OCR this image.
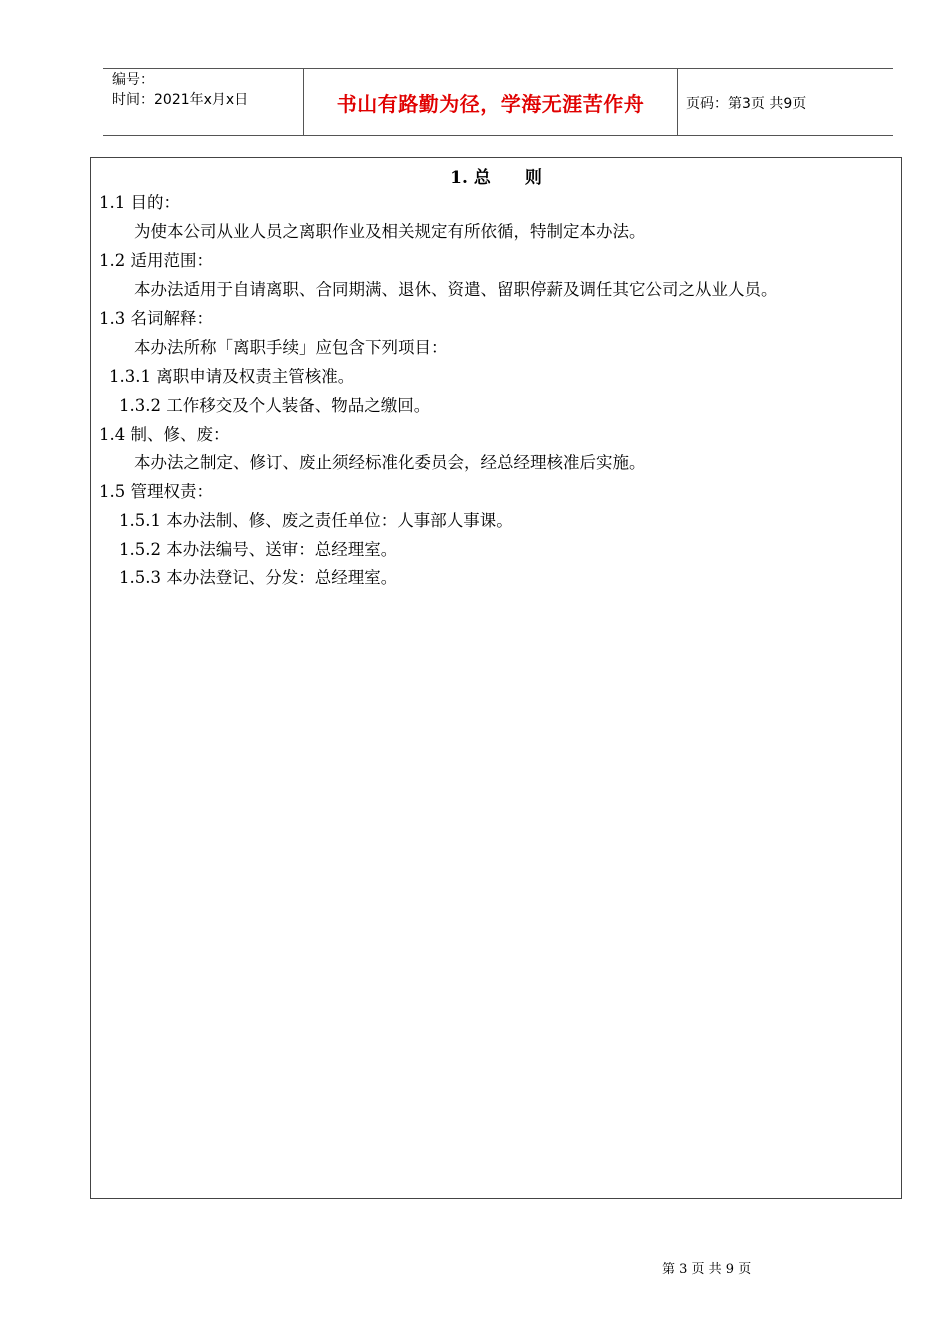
编号：
时间：2021年x月x日	书山有路勤为径，学海无涯苦作舟	页码：第3页 共9页
1. 总　　则
1.1 目的：
为使本公司从业人员之离职作业及相关规定有所依循，特制定本办法。
1.2 适用范围：
本办法适用于自请离职、合同期满、退休、资遣、留职停薪及调任其它公司之从业人员。
1.3 名词解释：
本办法所称「离职手续」应包含下列项目：
1.3.1 离职申请及权责主管核准。
1.3.2 工作移交及个人装备、物品之缴回。
1.4 制、修、废：
本办法之制定、修订、废止须经标准化委员会，经总经理核准后实施。
1.5 管理权责：
1.5.1 本办法制、修、废之责任单位：人事部人事课。
1.5.2 本办法编号、送审：总经理室。
1.5.3 本办法登记、分发：总经理室。
第 3 页 共 9 页
